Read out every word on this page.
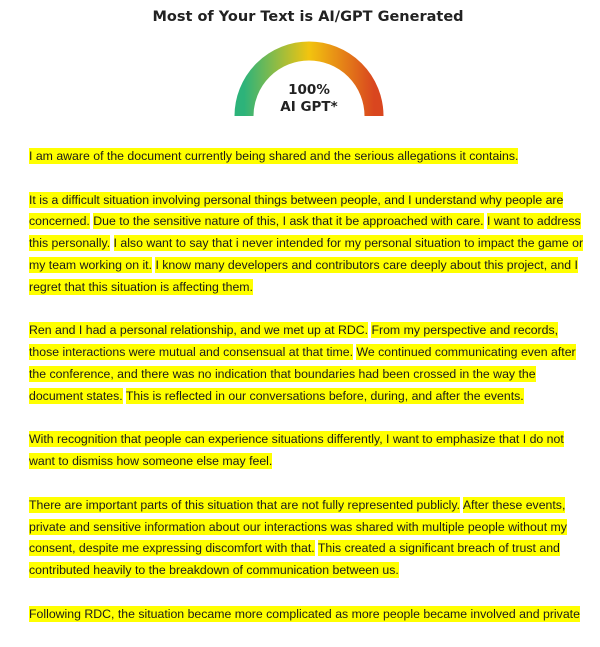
Most of Your Text is AI/GPT Generated
100%
AI GPT*

I am aware of the document currently being shared and the serious allegations it contains.

It is a difficult situation involving personal things between people, and I understand why people are concerned. Due to the sensitive nature of this, I ask that it be approached with care. I want to address this personally. I also want to say that i never intended for my personal situation to impact the game or my team working on it. I know many developers and contributors care deeply about this project, and I regret that this situation is affecting them.

Ren and I had a personal relationship, and we met up at RDC. From my perspective and records, those interactions were mutual and consensual at that time. We continued communicating even after the conference, and there was no indication that boundaries had been crossed in the way the document states. This is reflected in our conversations before, during, and after the events.

With recognition that people can experience situations differently, I want to emphasize that I do not want to dismiss how someone else may feel.

There are important parts of this situation that are not fully represented publicly. After these events, private and sensitive information about our interactions was shared with multiple people without my consent, despite me expressing discomfort with that. This created a significant breach of trust and contributed heavily to the breakdown of communication between us.

Following RDC, the situation became more complicated as more people became involved and private
